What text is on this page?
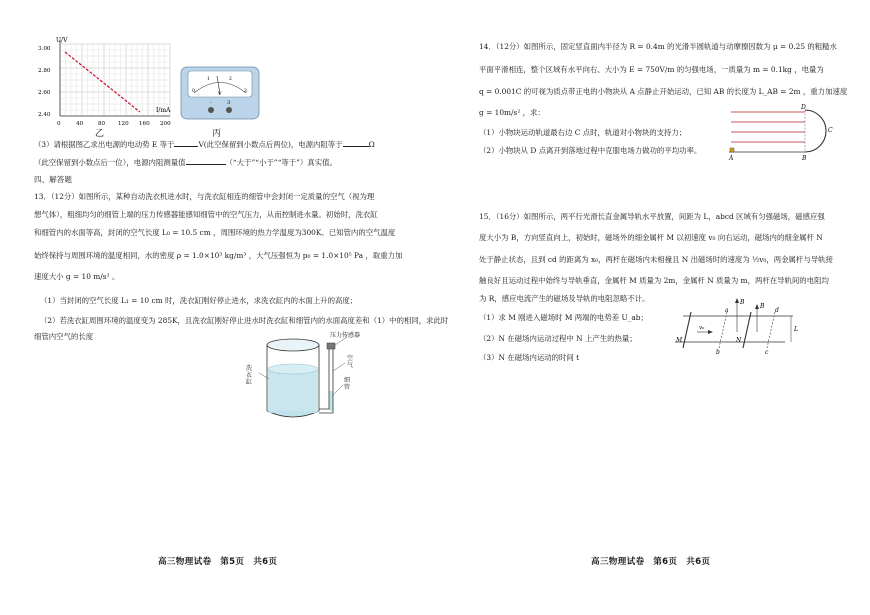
U/V
I/mA
3.00
2.80
2.60
2.40
0	40	80 120 160 200
乙
0
1	2
3
V
-	3
丙
（3）请根据图乙求出电源的电动势 E 等于	V(此空保留到小数点后两位)，电源内阻等于	Ω
（此空保留到小数点后一位），电源内阻测量值	（“大于”“小于”“等于”）真实值。
四、解答题
13．（12分）如图所示，某种自动洗衣机进水时，与洗衣缸相连的细管中会封闭一定质量的空气（视为理
想气体），粗细均匀的细管上端的压力传感器能感知细管中的空气压力，从而控制进水量。初始时，洗衣缸
和细管内的水面等高，封闭的空气长度 L₀ = 10.5 cm ，周围环境的热力学温度为300K。已知管内的空气温度
始终保持与周围环境的温度相同，水的密度 ρ = 1.0×10³ kg/m³ ，大气压强恒为 p₀ = 1.0×10⁵ Pa ，取重力加
速度大小 g = 10 m/s² 。
（1）当封闭的空气长度 L₁ = 10 cm 时，洗衣缸刚好停止进水，求洗衣缸内的水面上升的高度；
（2）若洗衣缸周围环境的温度变为 285K，且洗衣缸刚好停止进水时洗衣缸和细管内的水面高度差和（1）中的相同，求此时
细管内空气的长度	压力传感器
洗衣缸
空气
细管
高三物理试卷　第5页　共6页
14．（12分）如图所示，固定竖直面内半径为 R = 0.4m 的光滑半圆轨道与动摩擦因数为 μ = 0.25 的粗糙水
平面平滑相连，整个区域有水平向右、大小为 E = 750V/m 的匀强电场，一质量为 m = 0.1kg ，电量为
q = 0.001C 的可视为质点带正电的小物块从 A 点静止开始运动，已知 AB 的长度为 L_AB = 2m ，重力加速度
g = 10m/s² ，求：
（1）小物块运动轨道最右边 C 点时，轨道对小物块的支持力；
（2）小物块从 D 点离开到落地过程中克服电场力做功的平均功率。
D
C
A	B
15．（16分）如图所示，两平行光滑长直金属导轨水平放置，间距为 L，abcd 区域有匀强磁场，磁感应强
度大小为 B，方向竖直向上，初始时，磁场外的细金属杆 M 以初速度 v₀ 向右运动，磁场内的细金属杆 N
处于静止状态，且到 cd 的距离为 x₀，两杆在磁场内未相撞且 N 出磁场时的速度为 ½v₀，两金属杆与导轨接
触良好且运动过程中始终与导轨垂直，金属杆 M 质量为 2m，金属杆 N 质量为 m，两杆在导轨间的电阻均
为 R，感应电流产生的磁场及导轨的电阻忽略不计。
（1）求 M 刚进入磁场时 M 两端的电势差 U_ab；
（2）N 在磁场内运动过程中 N 上产生的热量；
（3）N 在磁场内运动的时间 t
M	N
a
b	c
d
B
B
L
v₀
高三物理试卷　第6页　共6页
